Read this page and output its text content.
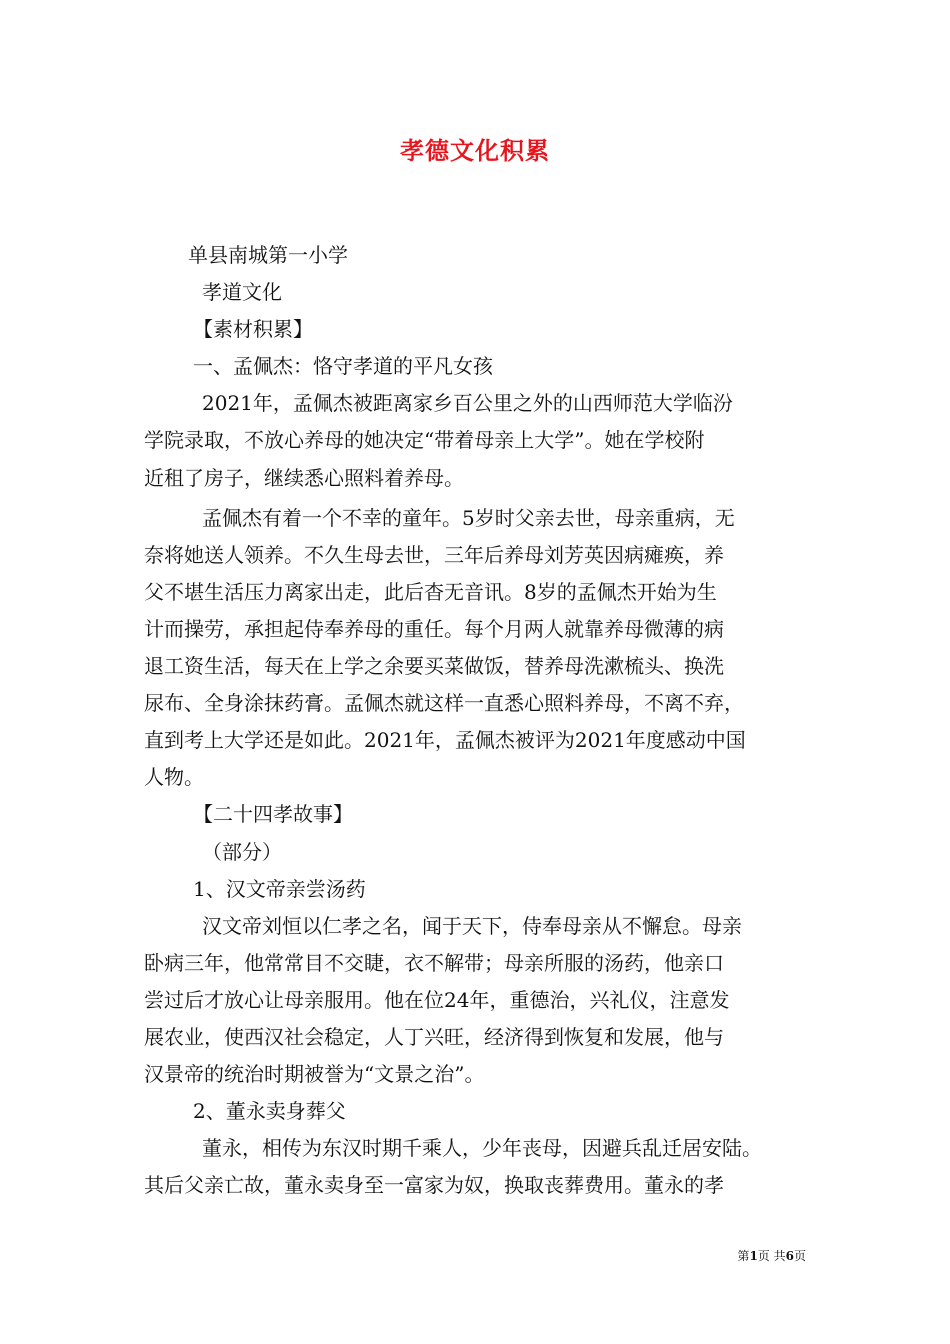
孝德文化积累
单县南城第一小学
孝道文化
【素材积累】
一、孟佩杰：恪守孝道的平凡女孩
2021年，孟佩杰被距离家乡百公里之外的山西师范大学临汾
学院录取，不放心养母的她决定“带着母亲上大学”。她在学校附
近租了房子，继续悉心照料着养母。
孟佩杰有着一个不幸的童年。5岁时父亲去世，母亲重病，无
奈将她送人领养。不久生母去世，三年后养母刘芳英因病瘫痪，养
父不堪生活压力离家出走，此后杳无音讯。8岁的孟佩杰开始为生
计而操劳，承担起侍奉养母的重任。每个月两人就靠养母微薄的病
退工资生活，每天在上学之余要买菜做饭，替养母洗漱梳头、换洗
尿布、全身涂抹药膏。孟佩杰就这样一直悉心照料养母，不离不弃，
直到考上大学还是如此。2021年，孟佩杰被评为2021年度感动中国
人物。
【二十四孝故事】
（部分）
1、汉文帝亲尝汤药
汉文帝刘恒以仁孝之名，闻于天下，侍奉母亲从不懈怠。母亲
卧病三年，他常常目不交睫，衣不解带；母亲所服的汤药，他亲口
尝过后才放心让母亲服用。他在位24年，重德治，兴礼仪，注意发
展农业，使西汉社会稳定，人丁兴旺，经济得到恢复和发展，他与
汉景帝的统治时期被誉为“文景之治”。
2、董永卖身葬父
董永，相传为东汉时期千乘人，少年丧母，因避兵乱迁居安陆。
其后父亲亡故，董永卖身至一富家为奴，换取丧葬费用。董永的孝
第1页 共6页
